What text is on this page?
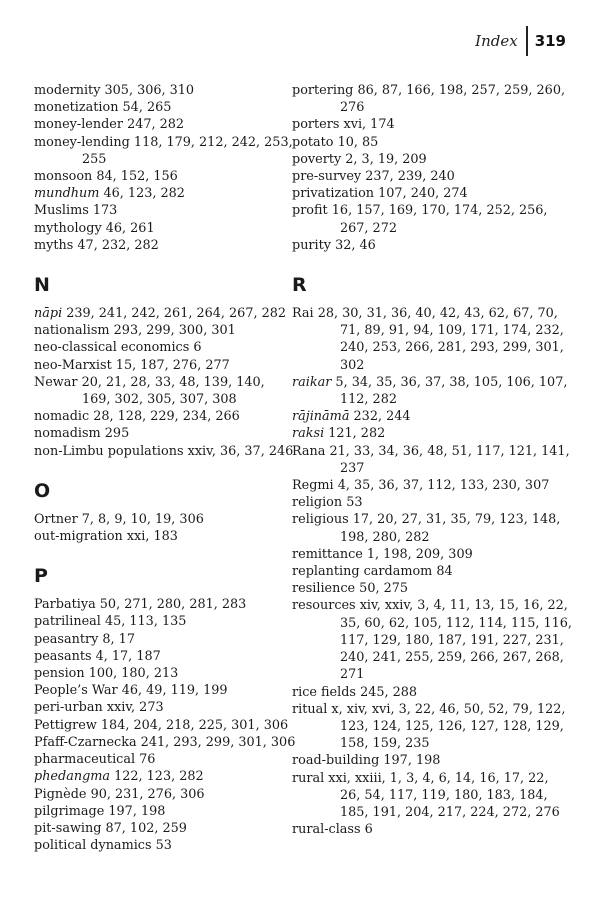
Index 319
modernity 305, 306, 310
monetization 54, 265
money-lender 247, 282
money-lending 118, 179, 212, 242, 253, 255
monsoon 84, 152, 156
mundhum 46, 123, 282
Muslims 173
mythology 46, 261
myths 47, 232, 282
N
nāpi 239, 241, 242, 261, 264, 267, 282
nationalism 293, 299, 300, 301
neo-classical economics 6
neo-Marxist 15, 187, 276, 277
Newar 20, 21, 28, 33, 48, 139, 140, 169, 302, 305, 307, 308
nomadic 28, 128, 229, 234, 266
nomadism 295
non-Limbu populations xxiv, 36, 37, 246
O
Ortner 7, 8, 9, 10, 19, 306
out-migration xxi, 183
P
Parbatiya 50, 271, 280, 281, 283
patrilineal 45, 113, 135
peasantry 8, 17
peasants 4, 17, 187
pension 100, 180, 213
People’s War 46, 49, 119, 199
peri-urban xxiv, 273
Pettigrew 184, 204, 218, 225, 301, 306
Pfaff-Czarnecka 241, 293, 299, 301, 306
pharmaceutical 76
phedangma 122, 123, 282
Pignède 90, 231, 276, 306
pilgrimage 197, 198
pit-sawing 87, 102, 259
political dynamics 53
portering 86, 87, 166, 198, 257, 259, 260, 276
porters xvi, 174
potato 10, 85
poverty 2, 3, 19, 209
pre-survey 237, 239, 240
privatization 107, 240, 274
profit 16, 157, 169, 170, 174, 252, 256, 267, 272
purity 32, 46
R
Rai 28, 30, 31, 36, 40, 42, 43, 62, 67, 70, 71, 89, 91, 94, 109, 171, 174, 232, 240, 253, 266, 281, 293, 299, 301, 302
raikar 5, 34, 35, 36, 37, 38, 105, 106, 107, 112, 282
rājināmā 232, 244
raksi 121, 282
Rana 21, 33, 34, 36, 48, 51, 117, 121, 141, 237
Regmi 4, 35, 36, 37, 112, 133, 230, 307
religion 53
religious 17, 20, 27, 31, 35, 79, 123, 148, 198, 280, 282
remittance 1, 198, 209, 309
replanting cardamom 84
resilience 50, 275
resources xiv, xxiv, 3, 4, 11, 13, 15, 16, 22, 35, 60, 62, 105, 112, 114, 115, 116, 117, 129, 180, 187, 191, 227, 231, 240, 241, 255, 259, 266, 267, 268, 271
rice fields 245, 288
ritual x, xiv, xvi, 3, 22, 46, 50, 52, 79, 122, 123, 124, 125, 126, 127, 128, 129, 158, 159, 235
road-building 197, 198
rural xxi, xxiii, 1, 3, 4, 6, 14, 16, 17, 22, 26, 54, 117, 119, 180, 183, 184, 185, 191, 204, 217, 224, 272, 276
rural-class 6
